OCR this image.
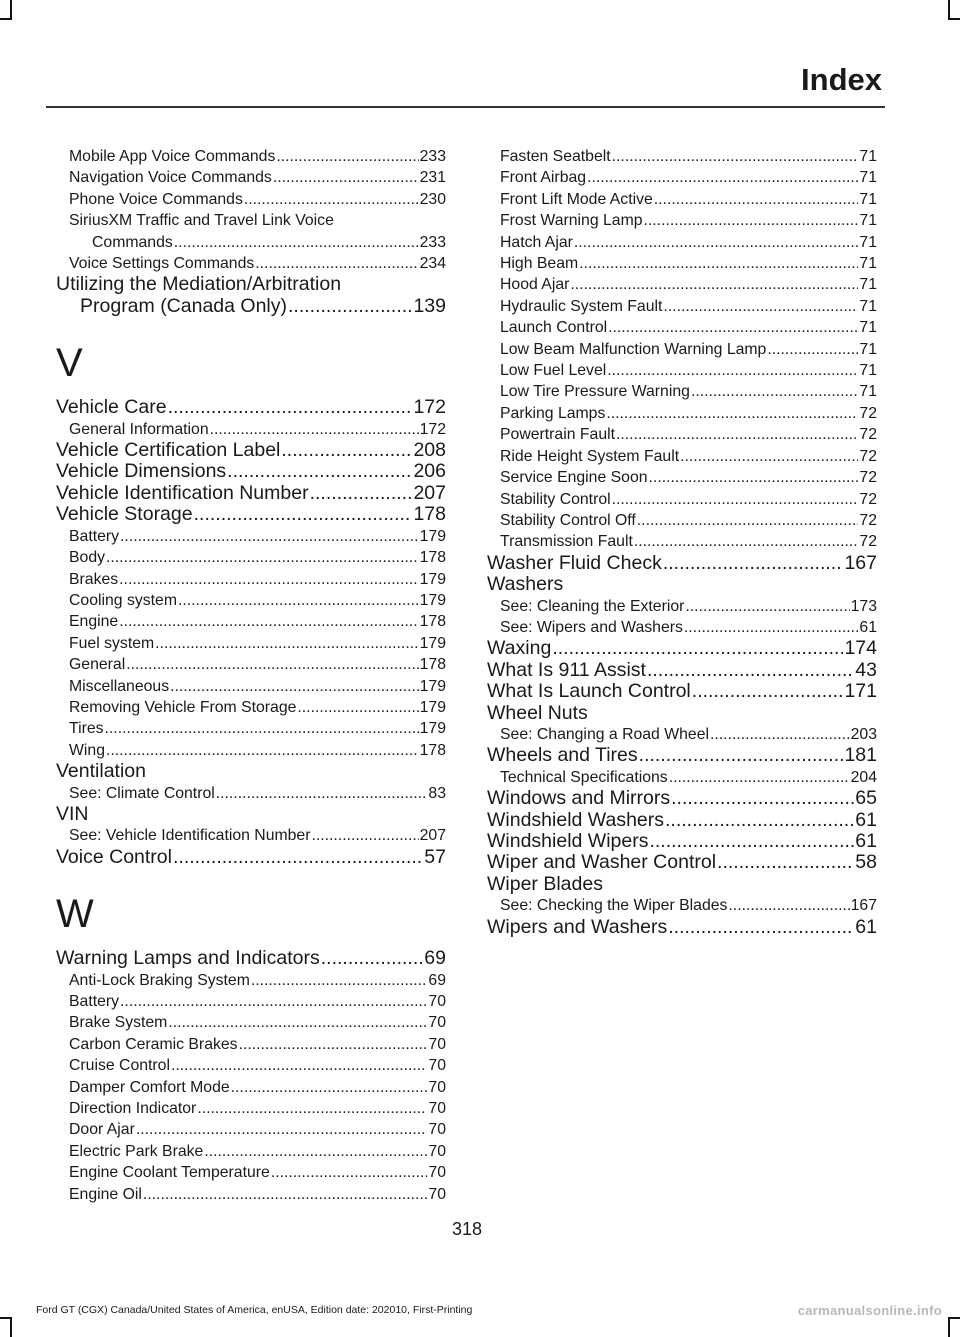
Index
Mobile App Voice Commands .....	233
Navigation Voice Commands .....	231
Phone Voice Commands .....	230
SiriusXM Traffic and Travel Link Voice
Commands .....	233
Voice Settings Commands .....	234
Utilizing the Mediation/Arbitration
Program (Canada Only) .....	139
V
Vehicle Care .....	172
General Information .....	172
Vehicle Certification Label .....	208
Vehicle Dimensions .....	206
Vehicle Identification Number .....	207
Vehicle Storage .....	178
Battery .....	179
Body .....	178
Brakes .....	179
Cooling system .....	179
Engine .....	178
Fuel system .....	179
General .....	178
Miscellaneous .....	179
Removing Vehicle From Storage .....	179
Tires .....	179
Wing .....	178
Ventilation
See: Climate Control .....	83
VIN
See: Vehicle Identification Number .....	207
Voice Control .....	57
W
Warning Lamps and Indicators .....	69
Anti-Lock Braking System .....	69
Battery .....	70
Brake System .....	70
Carbon Ceramic Brakes .....	70
Cruise Control .....	70
Damper Comfort Mode .....	70
Direction Indicator .....	70
Door Ajar .....	70
Electric Park Brake .....	70
Engine Coolant Temperature .....	70
Engine Oil .....	70
Fasten Seatbelt .....	71
Front Airbag .....	71
Front Lift Mode Active .....	71
Frost Warning Lamp .....	71
Hatch Ajar .....	71
High Beam .....	71
Hood Ajar .....	71
Hydraulic System Fault .....	71
Launch Control .....	71
Low Beam Malfunction Warning Lamp .....	71
Low Fuel Level .....	71
Low Tire Pressure Warning .....	71
Parking Lamps .....	72
Powertrain Fault .....	72
Ride Height System Fault .....	72
Service Engine Soon .....	72
Stability Control .....	72
Stability Control Off .....	72
Transmission Fault .....	72
Washer Fluid Check .....	167
Washers
See: Cleaning the Exterior .....	173
See: Wipers and Washers .....	61
Waxing .....	174
What Is 911 Assist .....	43
What Is Launch Control .....	171
Wheel Nuts
See: Changing a Road Wheel .....	203
Wheels and Tires .....	181
Technical Specifications .....	204
Windows and Mirrors .....	65
Windshield Washers .....	61
Windshield Wipers .....	61
Wiper and Washer Control .....	58
Wiper Blades
See: Checking the Wiper Blades .....	167
Wipers and Washers .....	61
318
Ford GT (CGX) Canada/United States of America, enUSA, Edition date: 202010, First-Printing	carmanualsonline.info
